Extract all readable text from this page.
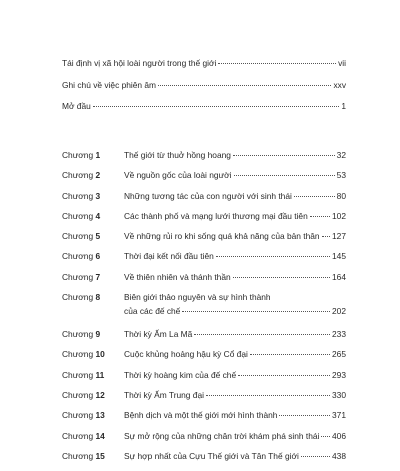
Tái định vị xã hội loài người trong thế giới	vii
Ghi chú về việc phiên âm	xxv
Mở đầu	1
Chương 1	Thế giới từ thuở hồng hoang	32
Chương 2	Về nguồn gốc của loài người	53
Chương 3	Những tương tác của con người với sinh thái	80
Chương 4	Các thành phố và mạng lưới thương mại đầu tiên	102
Chương 5	Về những rủi ro khi sống quá khả năng của bản thân 127
Chương 6	Thời đại kết nối đầu tiên	145
Chương 7	Về thiên nhiên và thánh thần	164
Chương 8	Biên giới thảo nguyên và sự hình thành
của các đế chế	202
Chương 9	Thời kỳ Ấm La Mã	233
Chương 10	Cuộc khủng hoảng hậu kỳ Cổ đại	265
Chương 11	Thời kỳ hoàng kim của đế chế	293
Chương 12	Thời kỳ Ấm Trung đại	330
Chương 13	Bệnh dịch và một thế giới mới hình thành	371
Chương 14	Sự mở rộng của những chân trời khám phá sinh thái 406
Chương 15	Sự hợp nhất của Cựu Thế giới và Tân Thế giới	438
